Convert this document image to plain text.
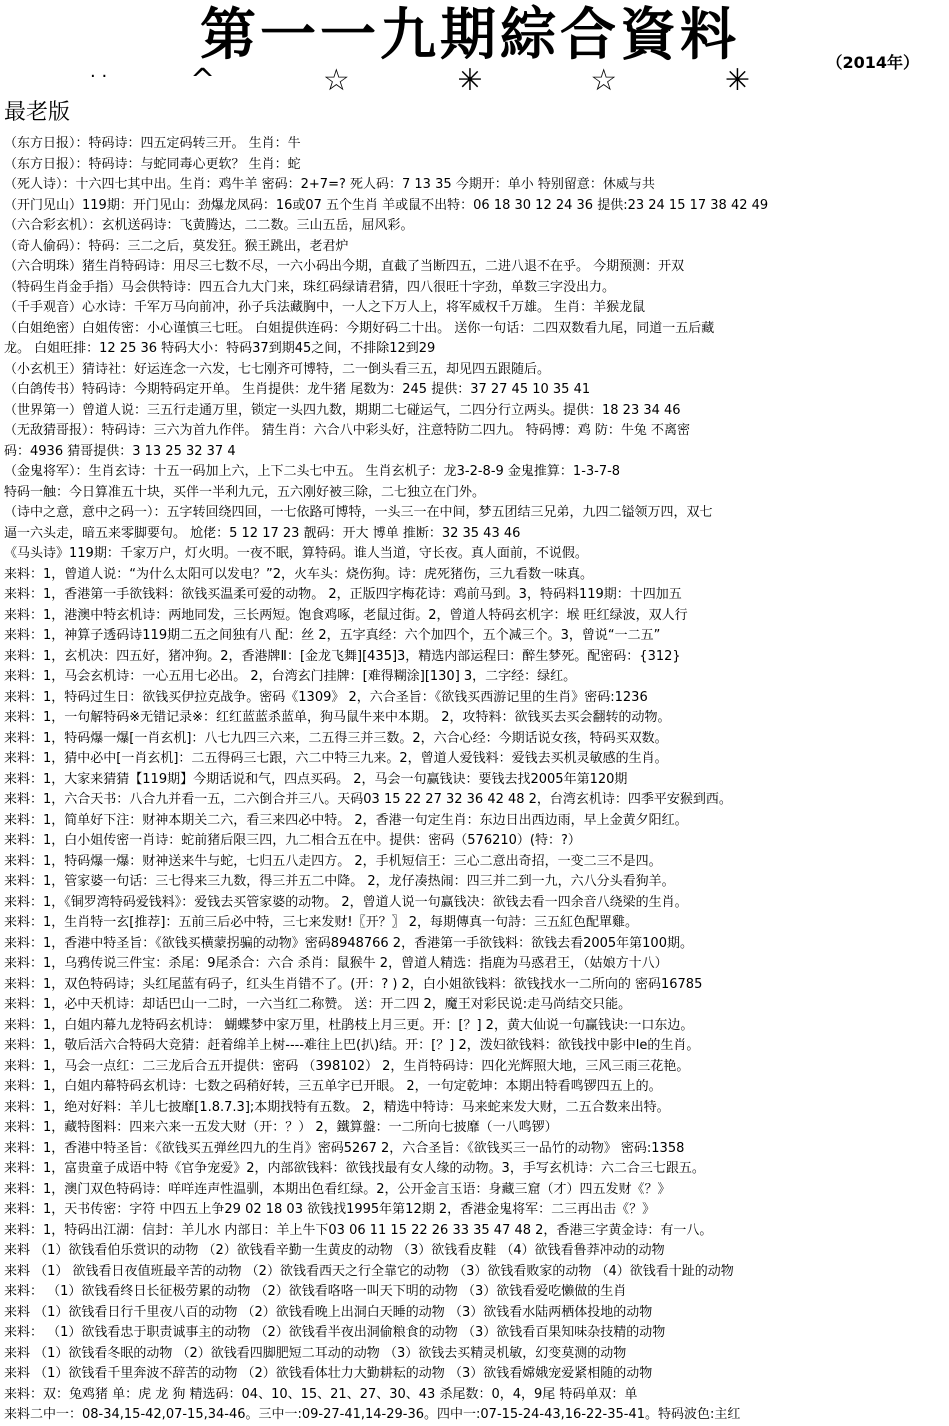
第一一九期綜合資料	（2014年）
· ·	^	☆	✳	☆	✳
最老版
（东方日报）：特码诗：四五定码转三开。 生肖：牛
（东方日报）：特码诗：与蛇同毒心更软？ 生肖：蛇
（死人诗）：十六四七其中出。生肖：鸡牛羊 密码：2+7=? 死人码：7 13 35 今期开：单小 特别留意：休威与共
（开门见山）119期：开门见山：劲爆龙凤码：16或07 五个生肖 羊或鼠不出特：06 18 30 12 24 36 提供:23 24 15 17 38 42 49
（六合彩玄机）：玄机送码诗：飞黄腾达，二二数。三山五岳，屈风彩。
（奇人偷码）：特码：三二之后，莫发狂。猴王跳出，老君炉
（六合明珠）猪生肖特码诗：用尽三七数不尽，一六小码出今期，直截了当断四五，二进八退不在乎。 今期预测：开双
（特码生肖金手指）马会供特诗：四五合九大门来，珠红码绿请君猜，四八很旺十字劲，单数三字没出力。
（千手观音）心水诗：千军万马向前冲，孙子兵法藏胸中，一人之下万人上，将军威权千万雄。 生肖：羊猴龙鼠
（白姐绝密）白姐传密：小心谨慎三七旺。 白姐提供连码：今期好码二十出。 送你一句话：二四双数看九尾，同道一五后藏
龙。 白姐旺排：12 25 36 特码大小：特码37到期45之间，不排除12到29
（小玄机王）猜诗社：好运连念一六发，七七刚齐可博特，二一倒头看三五，却见四五跟随后。
（白鸽传书）特码诗：今期特码定开单。 生肖提供：龙牛猪 尾数为：245 提供：37 27 45 10 35 41
（世界第一）曾道人说：三五行走通万里，锁定一头四九数，期期二七碰运气，二四分行立两头。提供：18 23 34 46
（无敌猜哥报）：特码诗：三六为首九作伴。 猜生肖：六合八中彩头好，注意特防二四九。 特码博：鸡 防：牛兔 不离密
码：4936 猜哥提供：3 13 25 32 37 4
（金鬼将军）：生肖玄诗：十五一码加上六，上下二头七中五。 生肖玄机子：龙3-2-8-9 金鬼推算：1-3-7-8
特码一触：今日算准五十块，买伴一半利九元，五六刚好被三除，二七独立在门外。
（诗中之意，意中之码一）：五字转回绕四回，一七依路可博特，一头三一在中间，梦五团结三兄弟，九四二镒领万四，双七
逼一六头走，暗五来零脚要句。 尬佬：5 12 17 23 靓码：开大 博单 推断：32 35 43 46
《马头诗》119期：千家万户，灯火明。一夜不眠，算特码。谁人当道，守长夜。真人面前，不说假。
来料：1，曾道人说：“为什么太阳可以发电？”2，火车头：烧伤狗。诗：虎死猪伤，三九看数一味真。
来料：1，香港第一手欲钱料：欲钱买温柔可爱的动物。 2，正版四字梅花诗：鸡前马到。3，特码料119期：十四加五
来料：1，港澳中特玄机诗：两地同发，三长两短。饱食鸡啄，老鼠过街。2，曾道人特码玄机字：堠 旺红绿波，双人行
来料：1，神算子透码诗119期二五之间独有八 配：丝 2，五字真经：六个加四个，五个减三个。3，曾说“一二五”
来料：1，玄机决：四五好，猪冲狗。2，香港牌Ⅱ：[金龙飞舞][435]3，精选内部运程曰：醉生梦死。配密码：{312}
来料：1，马会玄机诗：一心五用七必出。 2，台湾玄门挂牌：[难得糊涂][130] 3，二字经：绿红。
来料：1，特码过生日：欲钱买伊拉克战争。密码《1309》 2，六合圣旨：《欲钱买西游记里的生肖》密码:1236
来料：1，一句解特码※无错记录※：红红蓝蓝杀蓝单，狗马鼠牛来中本期。 2，攻特料：欲钱买去买会翻转的动物。
来料：1，特码爆一爆[一肖玄机]：八七九四三六来，二五得三并三数。2，六合心经：今期话说女孩，特码买双数。
来料：1，猜中必中[一肖玄机]：二五得码三七跟，六二中特三九来。2，曾道人爱钱料：爱钱去买机灵敏感的生肖。
来料：1，大家来猜猜【119期】今期话说和气，四点买码。 2，马会一句赢钱诀：要钱去找2005年第120期
来料：1，六合天书：八合九并看一五，二六倒合并三八。天码03 15 22 27 32 36 42 48 2，台湾玄机诗：四季平安猴到西。
来料：1，简单好下注：财神本期关二六，看三来四必中特。 2，香港一句定生肖：东边日出西边雨，早上金黄夕阳红。
来料：1，白小姐传密一肖诗：蛇前猪后限三四，九二相合五在中。提供：密码（576210）(特：?）
来料：1，特码爆一爆：财神送来牛与蛇，七归五八走四方。 2，手机短信王：三心二意出奇招，一变二三不是四。
来料：1，管家婆一句话：三七得来三九数，得三并五二中降。 2，龙仔凑热闹：四三并二到一九，六八分头看狗羊。
来料：1，《铜罗湾特码爱钱料》：爱钱去买管家婆的动物。 2，曾道人说一句赢钱决：欲钱去看一四余音八绕梁的生肖。
来料：1，生肖特一玄[推荐]：五前三后必中特，三七来发财!〖开？〗 2，每期傳真一句詩：三五紅色配單雞。
来料：1，香港中特圣旨：《欲钱买横蒙拐骗的动物》密码8948766 2，香港第一手欲钱料：欲钱去看2005年第100期。
来料：1，乌鸦传说三件宝：杀尾：9尾杀合：六合 杀肖：鼠猴牛 2，曾道人精选：指鹿为马惑君王，（姑娘方十八）
来料：1，双色特码诗；头红尾蓝有码子，红头生肖错不了。(开：? ) 2，白小姐欲钱料：欲钱找水一二所向的 密码16785
来料：1，必中天机诗：却话巴山一二时，一六当红二称赞。 送：开二四 2，魔王对彩民说:走马尚结交只能。
来料：1，白姐内幕九龙特码玄机诗： 蝴蝶梦中家万里，杜鹃枝上月三更。开：[？] 2，黄大仙说一句赢钱诀:一口东边。
来料：1，敬后活六合特码大竞猜：赶着绵羊上树----难往上巴(扒)结。开：[？] 2，泼妇欲钱料：欲钱找中影中le的生肖。
来料：1，马会一点红：二三龙后合五开提供：密码 （398102） 2，生肖特码诗：四化光辉照大地，三风三雨三花艳。
来料：1，白姐内幕特码玄机诗：七数之码稍好转，三五单字已开眼。 2，一句定乾坤：本期出特看鸣锣四五上的。
来料：1，绝对好料：羊儿七披靡[1.8.7.3];本期找特有五数。 2，精选中特诗：马来蛇来发大财，二五合数来出特。
来料：1，藏特图料：四来六来一五发大财（开：？） 2，鐵算盤：一二所向七披靡（一八鸣锣）
来料：1，香港中特圣旨：《欲钱买五弹丝四九的生肖》密码5267 2，六合圣旨：《欲钱买三一品竹的动物》 密码:1358
来料：1，富贵童子成语中特《官争宠爱》2，内部欲钱料：欲钱找最有女人缘的动物。3，手写玄机诗：六二合三七跟五。
来料：1，澳门双色特码诗：咩咩连声性温驯，本期出色看红绿。2，公开金言玉语：身藏三窟（才）四五发财《？》
来料：1，天书传密：字符 中四五上争29 02 18 03 欲钱找1995年第12期 2，香港金鬼将军：二三再出击《？》
来料：1，特码出江湖：信封：羊儿水 内部日：羊上牛下03 06 11 15 22 26 33 35 47 48 2，香港三字黄金诗：有一八。
来料 （1）欲钱看伯乐赏识的动物 （2）欲钱看辛勤一生黄皮的动物 （3）欲钱看皮鞋 （4）欲钱看鲁莽冲动的动物
来料 （1） 欲钱看日夜值班最辛苦的动物 （2）欲钱看西天之行全靠它的动物 （3）欲钱看败家的动物 （4）欲钱看十趾的动物
来料： （1）欲钱看终日长征极劳累的动物 （2）欲钱看咯咯一叫天下明的动物 （3）欲钱看爱吃懒做的生肖
来料 （1）欲钱看日行千里夜八百的动物 （2）欲钱看晚上出洞白天睡的动物 （3）欲钱看水陆两栖体投地的动物
来料： （1）欲钱看忠于职责诚事主的动物 （2）欲钱看半夜出洞偷粮食的动物 （3）欲钱看百果知味杂技精的动物
来料 （1）欲钱看冬眠的动物 （2）欲钱看四脚肥短二耳动的动物 （3）欲钱去买精灵机敏，幻变莫测的动物
来料 （1）欲钱看千里奔波不辞苦的动物 （2）欲钱看体壮力大勤耕耘的动物 （3）欲钱看嫦娥宠爱紧相随的动物
来料：双：兔鸡猪 单：虎 龙 狗 精选码：04、10、15、21、27、30、43 杀尾数：0，4，9尾 特码单双：单
来料二中一：08-34,15-42,07-15,34-46。三中一:09-27-41,14-29-36。四中一:07-15-24-43,16-22-35-41。特码波色:主红
